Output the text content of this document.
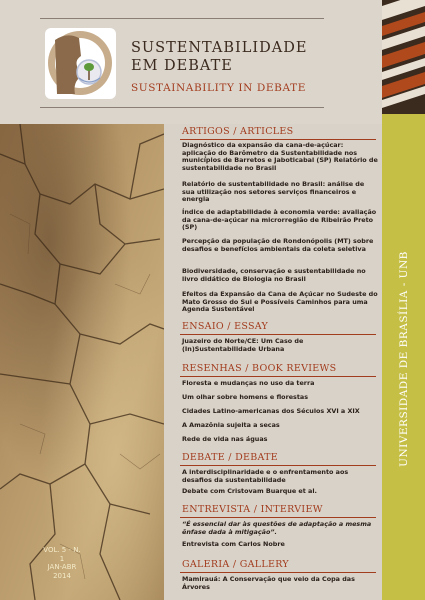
SUSTENTABILIDADE
EM DEBATE
SUSTAINABILITY IN DEBATE
UNIVERSIDADE DE BRASÍLIA - UNB
VOL. 5 - N. 1
JAN-ABR
2014
ARTIGOS / ARTICLES
Diagnóstico da expansão da cana-de-açúcar: aplicação do Barômetro da Sustentabilidade nos municípios de Barretos e Jaboticabal (SP) Relatório de sustentabilidade no Brasil
Relatório de sustentabilidade no Brasil: análise de sua utilização nos setores serviços financeiros e energia
Índice de adaptabilidade à economia verde: avaliação da cana-de-açúcar na microrregião de Ribeirão Preto (SP)
Percepção da população de Rondonópolis (MT) sobre desafios e benefícios ambientais da coleta seletiva
Biodiversidade, conservação e sustentabilidade no livro didático de Biologia no Brasil
Efeitos da Expansão da Cana de Açúcar no Sudeste do Mato Grosso do Sul e Possíveis Caminhos para uma Agenda Sustentável
ENSAIO / ESSAY
Juazeiro do Norte/CE: Um Caso de (In)Sustentabilidade Urbana
RESENHAS / BOOK REVIEWS
Floresta e mudanças no uso da terra
Um olhar sobre homens e florestas
Cidades Latino-americanas dos Séculos XVI a XIX
A Amazônia sujeita a secas
Rede de vida nas águas
DEBATE / DEBATE
A interdisciplinaridade e o enfrentamento aos desafios da sustentabilidade
Debate com Cristovam Buarque et al.
ENTREVISTA / INTERVIEW
“É essencial dar às questões de adaptação a mesma ênfase dada à mitigação”.
Entrevista com Carlos Nobre
GALERIA / GALLERY
Mamirauá: A Conservação que veio da Copa das Árvores
